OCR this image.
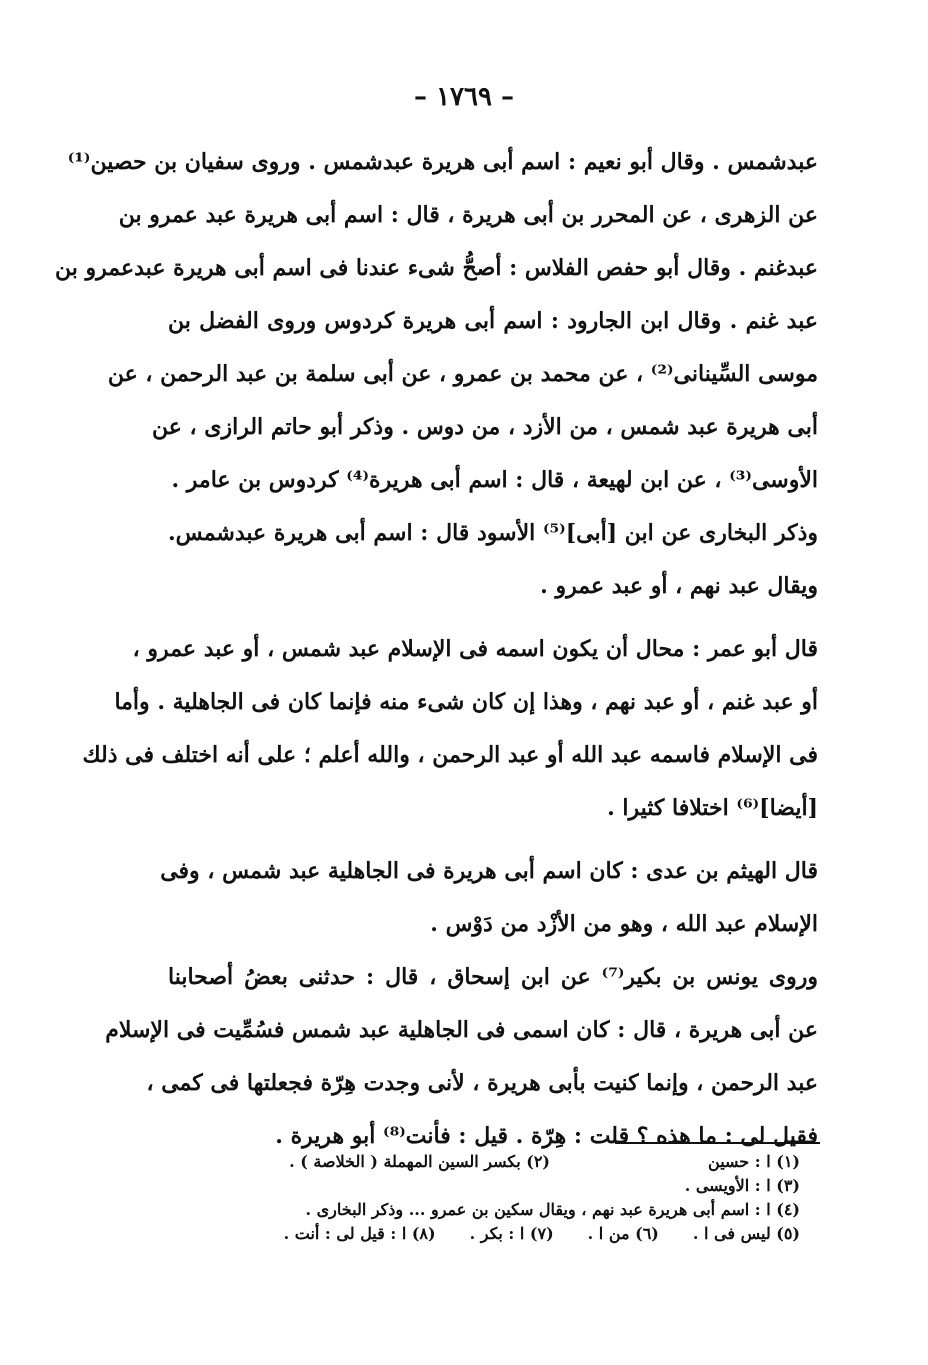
– ١٧٦٩ –
عبدشمس . وقال أبو نعيم : اسم أبى هريرة عبدشمس . وروى سفيان بن حصين⁽¹⁾
عن الزهرى ، عن المحرر بن أبى هريرة ، قال : اسم أبى هريرة عبد عمرو بن
عبدغنم . وقال أبو حفص الفلاس : أصحُّ شىء عندنا فى اسم أبى هريرة عبدعمرو بن
عبد غنم . وقال ابن الجارود : اسم أبى هريرة كردوس وروى الفضل بن
موسى السِّينانى⁽²⁾ ، عن محمد بن عمرو ، عن أبى سلمة بن عبد الرحمن ، عن
أبى هريرة عبد شمس ، من الأزد ، من دوس . وذكر أبو حاتم الرازى ، عن
الأوسى⁽³⁾ ، عن ابن لهيعة ، قال : اسم أبى هريرة⁽⁴⁾ كردوس بن عامر .
وذكر البخارى عن ابن [أبى]⁽⁵⁾ الأسود قال : اسم أبى هريرة عبدشمس.
ويقال عبد نهم ، أو عبد عمرو .
قال أبو عمر : محال أن يكون اسمه فى الإسلام عبد شمس ، أو عبد عمرو ،
أو عبد غنم ، أو عبد نهم ، وهذا إن كان شىء منه فإنما كان فى الجاهلية . وأما
فى الإسلام فاسمه عبد الله أو عبد الرحمن ، والله أعلم ؛ على أنه اختلف فى ذلك
[أيضا]⁽⁶⁾ اختلافا كثيرا .
قال الهيثم بن عدى : كان اسم أبى هريرة فى الجاهلية عبد شمس ، وفى
الإسلام عبد الله ، وهو من الأزْد من دَوْس .
وروى يونس بن بكير⁽⁷⁾ عن ابن إسحاق ، قال : حدثنى بعضُ أصحابنا
عن أبى هريرة ، قال : كان اسمى فى الجاهلية عبد شمس فسُمِّيت فى الإسلام
عبد الرحمن ، وإنما كنيت بأبى هريرة ، لأنى وجدت هِرّة فجعلتها فى كمى ،
فقيل لى : ما هذه ؟ قلت : هِرّة . قيل : فأنت⁽⁸⁾ أبو هريرة .
(١) ا : حسين
(٢) بكسر السين المهملة ( الخلاصة ) .
(٣) ا : الأويسى .
(٤) ا : اسم أبى هريرة عبد نهم ، ويقال سكين بن عمرو ... وذكر البخارى .
(٥) ليس فى ا .
(٦) من ا .
(٧) ا : بكر .
(٨) ا : قيل لى : أنت .
